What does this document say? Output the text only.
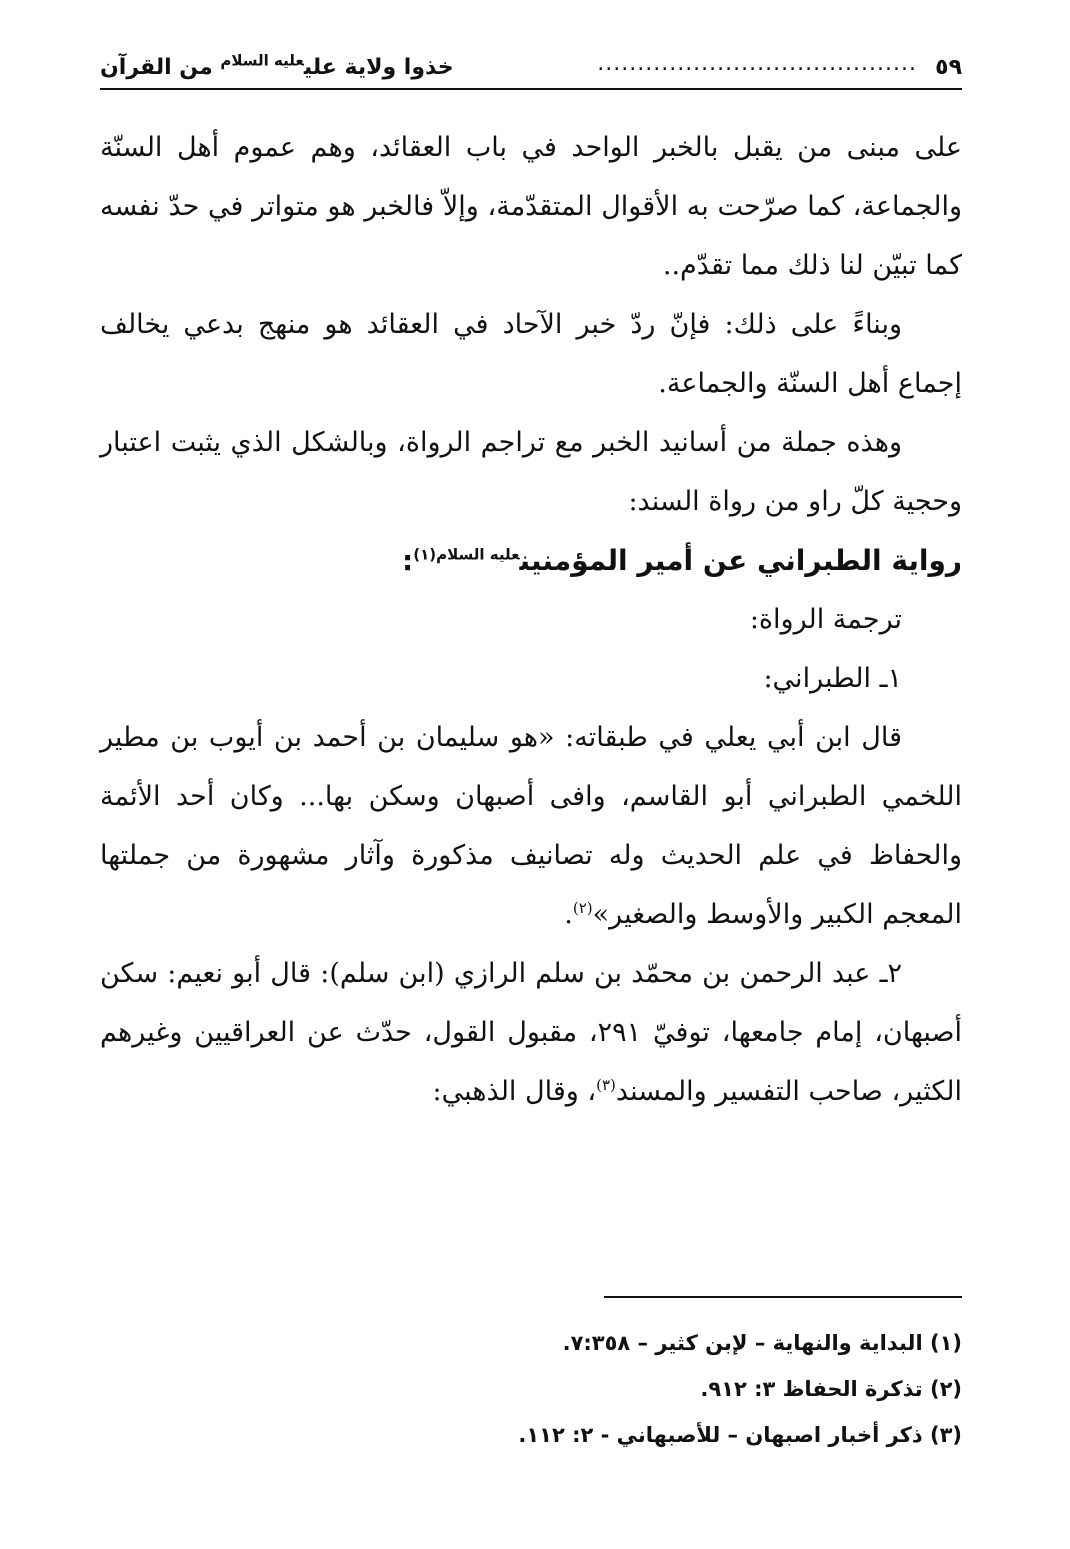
٥٩
........................................
خذوا ولاية علي$^{عليه السلام}$ من القرآن

على مبنى من يقبل بالخبر الواحد في باب العقائد، وهم عموم أهل السنّة والجماعة، كما صرّحت به الأقوال المتقدّمة، وإلاّ فالخبر هو متواتر في حدّ نفسه كما تبيّن لنا ذلك مما تقدّم..

وبناءً على ذلك: فإنّ ردّ خبر الآحاد في العقائد هو منهج بدعي يخالف إجماع أهل السنّة والجماعة.

وهذه جملة من أسانيد الخبر مع تراجم الرواة، وبالشكل الذي يثبت اعتبار وحجية كلّ راو من رواة السند:

رواية الطبراني عن أمير المؤمنين$^{عليه السلام(١)}$:

ترجمة الرواة:

١ـ الطبراني:

قال ابن أبي يعلي في طبقاته: «هو سليمان بن أحمد بن أيوب بن مطير اللخمي الطبراني أبو القاسم، وافى أصبهان وسكن بها... وكان أحد الأئمة والحفاظ في علم الحديث وله تصانيف مذكورة وآثار مشهورة من جملتها المعجم الكبير والأوسط والصغير»$^{(٢)}$.

٢ـ عبد الرحمن بن محمّد بن سلم الرازي (ابن سلم): قال أبو نعيم: سكن أصبهان، إمام جامعها، توفيّ ٢٩١، مقبول القول، حدّث عن العراقيين وغيرهم الكثير، صاحب التفسير والمسند$^{(٣)}$، وقال الذهبي:

(١) البداية والنهاية – لإبن كثير – ٧:٣٥٨.
(٢) تذكرة الحفاظ ٣: ٩١٢.
(٣) ذكر أخبار اصبهان – للأصبهاني - ٢: ١١٢.
